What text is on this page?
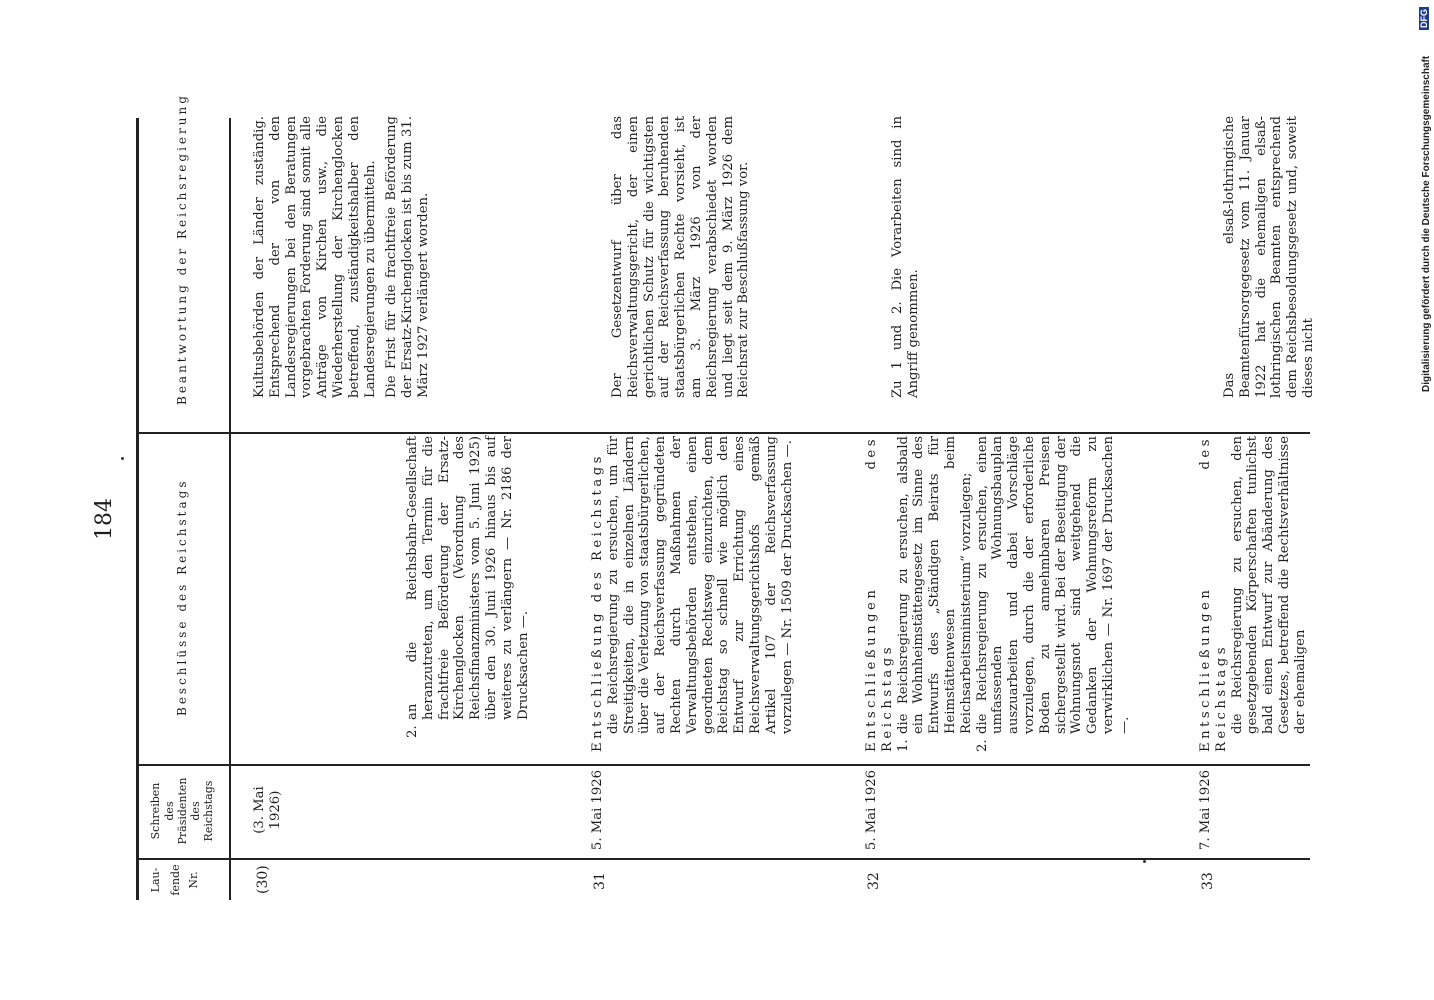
184
Lau- fende Nr.
Schreiben des Präsidenten des Reichstags
Beschlüsse des Reichstags
Beantwortung der Reichsregierung
(30)
(3. Mai 1926)
2.
an die Reichsbahn-Gesellschaft heranzutreten, um den Termin für die frachtfreie Beförderung der Ersatz-Kirchenglocken (Verordnung des Reichsfinanzministers vom 5. Juni 1925) über den 30. Juni 1926 hinaus bis auf weiteres zu verlängern — Nr. 2186 der Drucksachen —.

Kultusbehörden der Länder zuständig. Entsprechend der von den Landesregierungen bei den Beratungen vorgebrachten Forderung sind somit alle Anträge von Kirchen usw., die Wiederherstellung der Kirchenglocken betreffend, zuständigkeitshalber den Landesregierungen zu übermitteln. Die Frist für die frachtfreie Beförderung der Ersatz-Kirchenglocken ist bis zum 31. März 1927 verlängert worden.

31
5. Mai 1926
Entschließung des Reichstags die Reichsregierung zu ersuchen, um für Streitigkeiten, die in einzelnen Ländern über die Verletzung von staatsbürgerlichen, auf der Reichsverfassung gegründeten Rechten durch Maßnahmen der Verwaltungsbehörden entstehen, einen geordneten Rechtsweg einzurichten, dem Reichstag so schnell wie möglich den Entwurf zur Errichtung eines Reichsverwaltungsgerichtshofs gemäß Artikel 107 der Reichsverfassung vorzulegen — Nr. 1509 der Drucksachen —.
Der Gesetzentwurf über das Reichsverwaltungsgericht, der einen gerichtlichen Schutz für die wichtigsten auf der Reichsverfassung beruhenden staatsbürgerlichen Rechte vorsieht, ist am 3. März 1926 von der Reichsregierung verabschiedet worden und liegt seit dem 9. März 1926 dem Reichsrat zur Beschlußfassung vor.
32
5. Mai 1926
Entschließungen des Reichstags 1.
die Reichsregierung zu ersuchen, alsbald ein Wohnheimstättengesetz im Sinne des Entwurfs des „Ständigen Beirats für Heimstättenwesen beim Reichsarbeitsministerium“ vorzulegen;
2.
die Reichsregierung zu ersuchen, einen umfassenden Wohnungsbauplan auszuarbeiten und dabei Vorschläge vorzulegen, durch die der erforderliche Boden zu annehmbaren Preisen sichergestellt wird. Bei der Beseitigung der Wohnungsnot sind weitgehend die Gedanken der Wohnungsreform zu verwirklichen — Nr. 1697 der Drucksachen —.
Zu 1 und 2. Die Vorarbeiten sind in Angriff genommen.
33
7. Mai 1926
Entschließungen des Reichstags die Reichsregierung zu ersuchen, den gesetzgebenden Körperschaften tunlichst bald einen Entwurf zur Abänderung des Gesetzes, betreffend die Rechtsverhältnisse der ehemaligen
Das elsaß-lothringische Beamtenfürsorgegesetz vom 11. Januar 1922 hat die ehemaligen elsaß-lothringischen Beamten entsprechend dem Reichsbesoldungsgesetz und, soweit dieses nicht	Digitalisierung gefördert durch die Deutsche Forschungsgemeinschaft
DFG
